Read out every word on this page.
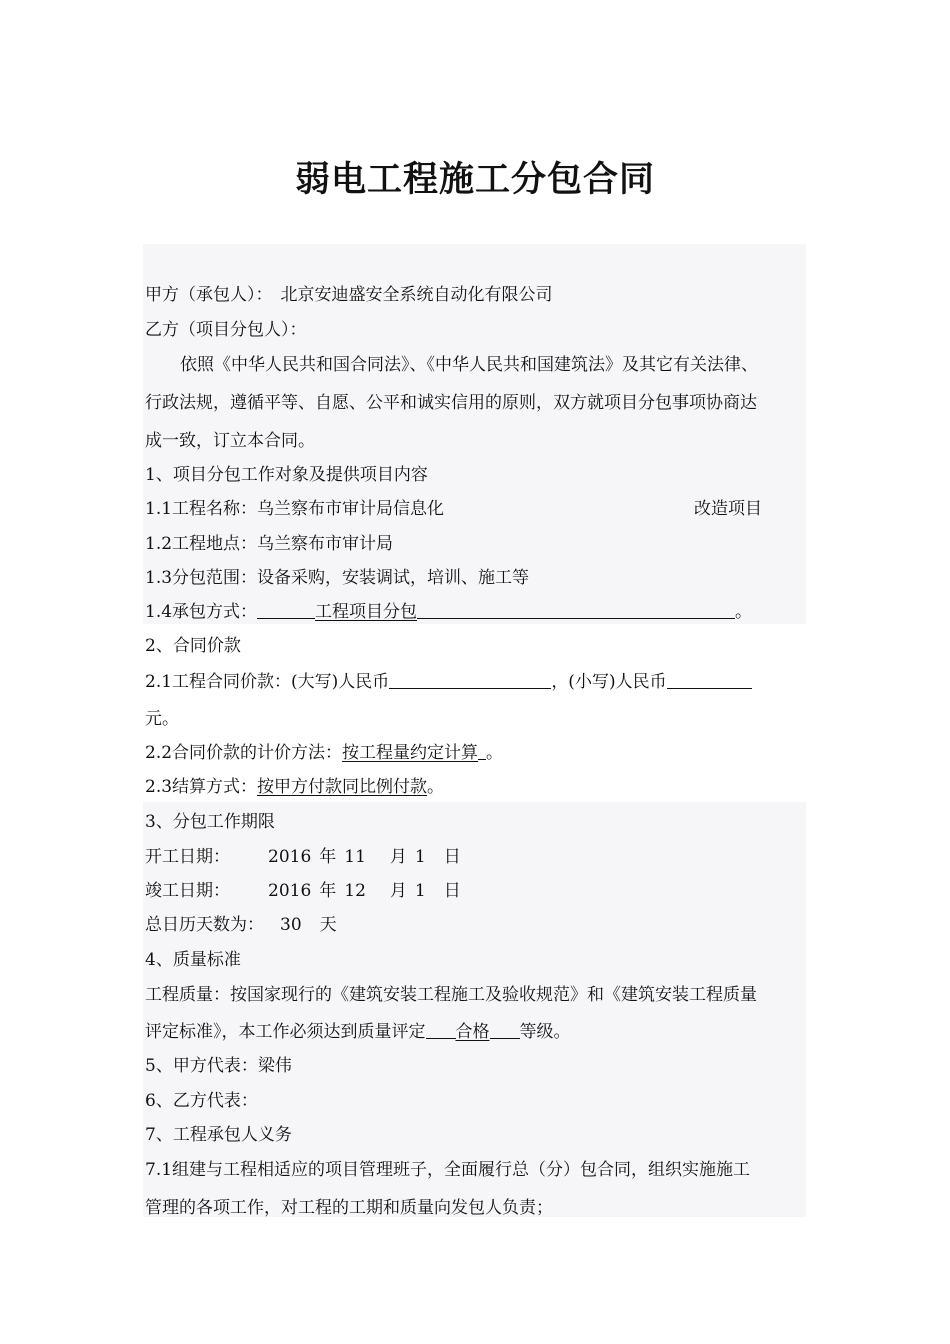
弱电工程施工分包合同
甲方（承包人）： 北京安迪盛安全系统自动化有限公司
乙方（项目分包人）：
依照《中华人民共和国合同法》、《中华人民共和国建筑法》及其它有关法律、
行政法规，遵循平等、自愿、公平和诚实信用的原则，双方就项目分包事项协商达
成一致，订立本合同。
1、项目分包工作对象及提供项目内容
1.1工程名称：乌兰察布市审计局信息化	改造项目
1.2工程地点：乌兰察布市审计局
1.3分包范围：设备采购，安装调试，培训、施工等
1.4承包方式：	工程项目分包	。
2、合同价款
2.1工程合同价款：(大写)人民币	，(小写)人民币
元。
2.2合同价款的计价方法：按工程量约定计算 。
2.3结算方式：按甲方付款同比例付款。
3、分包工作期限
开工日期： 2016 年 11 月 1 日
竣工日期： 2016 年 12 月 1 日
总日历天数为： 30 天
4、质量标准
工程质量：按国家现行的《建筑安装工程施工及验收规范》和《建筑安装工程质量
评定标准》，本工作必须达到质量评定 合格 等级。
5、甲方代表：梁伟
6、乙方代表：
7、工程承包人义务
7.1组建与工程相适应的项目管理班子，全面履行总（分）包合同，组织实施施工
管理的各项工作，对工程的工期和质量向发包人负责；
